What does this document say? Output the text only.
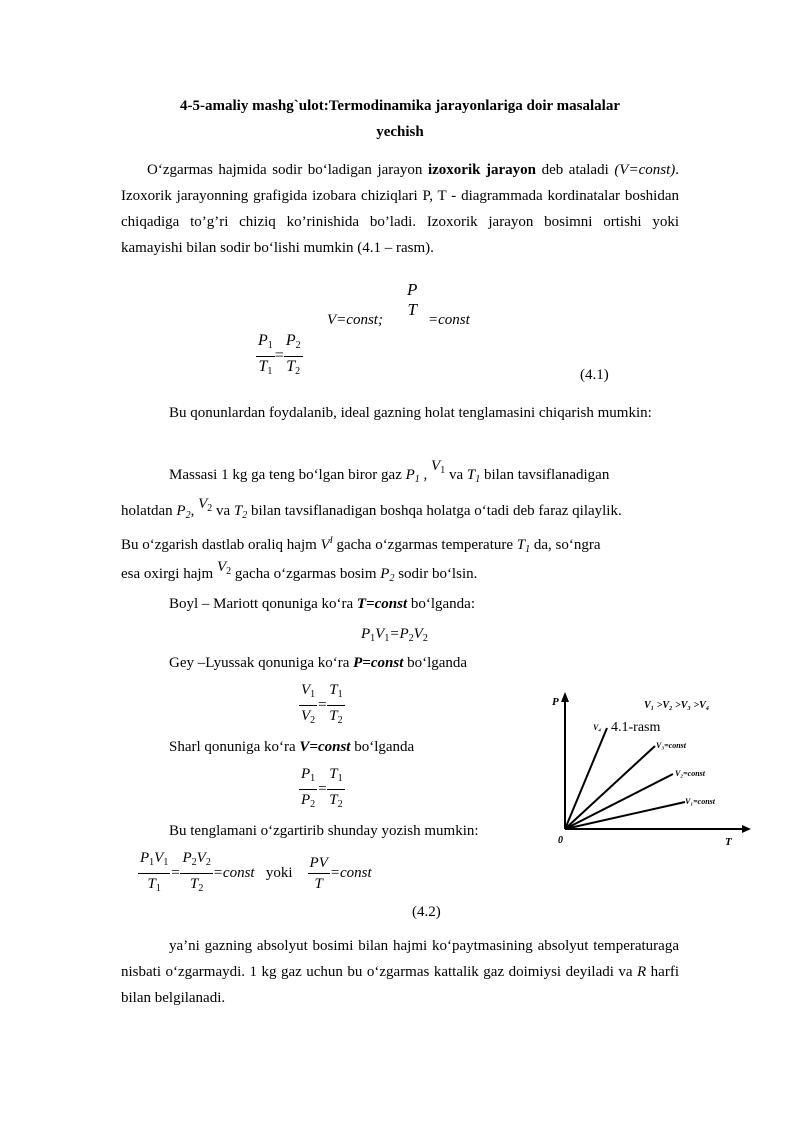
4-5-amaliy mashg`ulot:Termodinamika jarayonlariga doir masalalar
yechish
O‘zgarmas hajmida sodir bo‘ladigan jarayon izoxorik jarayon deb ataladi (V=const). Izoxorik jarayonning grafigida izobara chiziqlari P, T - diagrammada kordinatalar boshidan chiqadiga to’g’ri chiziq ko’rinishida bo’ladi. Izoxorik jarayon bosimni ortishi yoki kamayishi bilan sodir bo‘lishi mumkin (4.1 – rasm).
V=const;
P
T
=const
$\frac{P_1}{T_1} = \frac{P_2}{T_2}$	(4.1)
Bu qonunlardan foydalanib, ideal gazning holat tenglamasini chiqarish mumkin:
Massasi 1 kg ga teng bo‘lgan biror gaz $P_1$ , $V_1$ va $T_1$ bilan tavsiflanadigan
holatdan $P_2$, $V_2$ va $T_2$ bilan tavsiflanadigan boshqa holatga o‘tadi deb faraz qilaylik.
Bu o‘zgarish dastlab oraliq hajm $V^I$ gacha o‘zgarmas temperature $T_1$ da, so‘ngra
esa oxirgi hajm $V_2$ gacha o‘zgarmas bosim $P_2$ sodir bo‘lsin.
Boyl – Mariott qonuniga ko‘ra T=const bo‘lganda:
$P_1V_1=P_2V_2$
Gey –Lyussak qonuniga ko‘ra P=const bo‘lganda
$\frac{V_1}{V_2} = \frac{T_1}{T_2}$
Sharl qonuniga ko‘ra V=const bo‘lganda
$\frac{P_1}{P_2} = \frac{T_1}{T_2}$
Bu tenglamani o‘zgartirib shunday yozish mumkin:
$\frac{P_1V_1}{T_1} = \frac{P_2V_2}{T_2}$ =const yoki $\frac{PV}{T}$ =const
(4.2)
ya’ni gazning absolyut bosimi bilan hajmi ko‘paytmasining absolyut temperaturaga nisbati o‘zgarmaydi. 1 kg gaz uchun bu o‘zgarmas kattalik gaz doimiysi deyiladi va R harfi bilan belgilanadi.
P
T
0
V₁ >V₂ >V₃ >V₄
V₄ 4.1-rasm
V₃=const
V₂=const
V₁=const
